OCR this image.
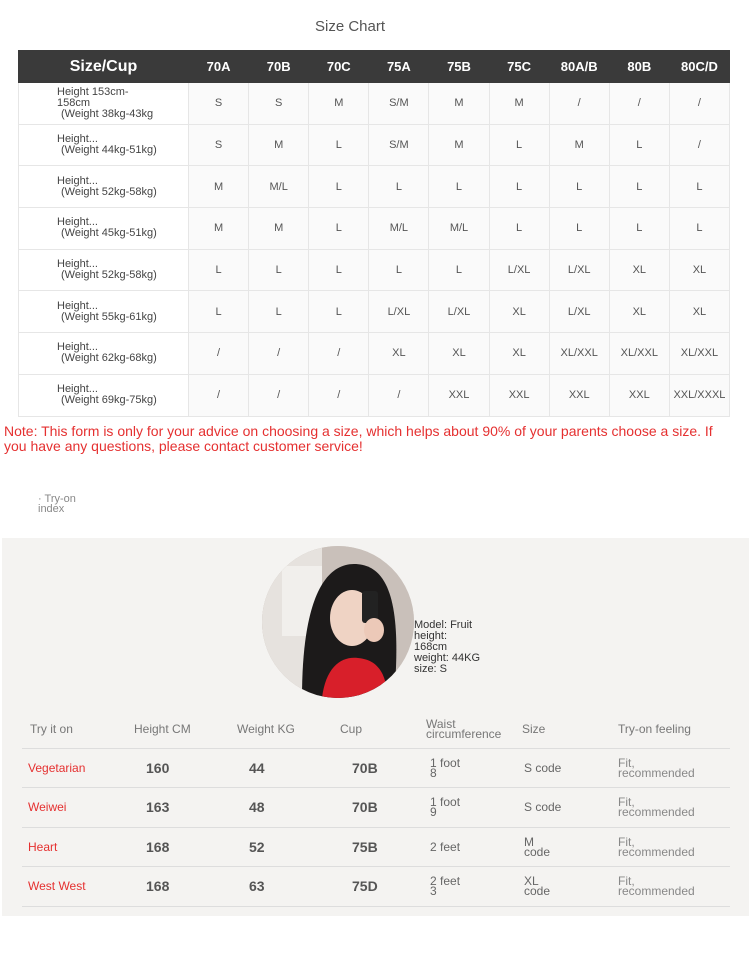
Size Chart
Size/Cup	70A	70B	70C	75A	75B	75C	80A/B	80B	80C/D

Height 153cm-158cm
(Weight 38kg-43kg	S	S	M	S/M	M	M	/	/	/

Height...
(Weight 44kg-51kg)	S	M	L	S/M	M	L	M	L	/

Height...
(Weight 52kg-58kg)	M	M/L	L	L	L	L	L	L	L

Height...
(Weight 45kg-51kg)	M	M	L	M/L	M/L	L	L	L	L

Height...
(Weight 52kg-58kg)	L	L	L	L	L	L/XL	L/XL	XL	XL

Height...
(Weight 55kg-61kg)	L	L	L	L/XL	L/XL	XL	L/XL	XL	XL

Height...
(Weight 62kg-68kg)	/	/	/	XL	XL	XL	XL/XXL	XL/XXL	XL/XXL

Height...
(Weight 69kg-75kg)	/	/	/	/	XXL	XXL	XXL	XXL	XXL/XXXL
Note: This form is only for your advice on choosing a size, which helps about 90% of your parents choose a size. If you have any questions, please contact customer service!
· Try-on index
Model: Fruit
height:
168cm
weight: 44KG
size: S
Try it on	Height CM	Weight KG	Cup	Waist circumference	Size	Try-on feeling

Vegetarian	160	44	70B	1 foot 8	S code	Fit, recommended

Weiwei	163	48	70B	1 foot 9	S code	Fit, recommended

Heart	168	52	75B	2 feet	M code	Fit, recommended

West West	168	63	75D	2 feet 3	XL code	Fit, recommended
